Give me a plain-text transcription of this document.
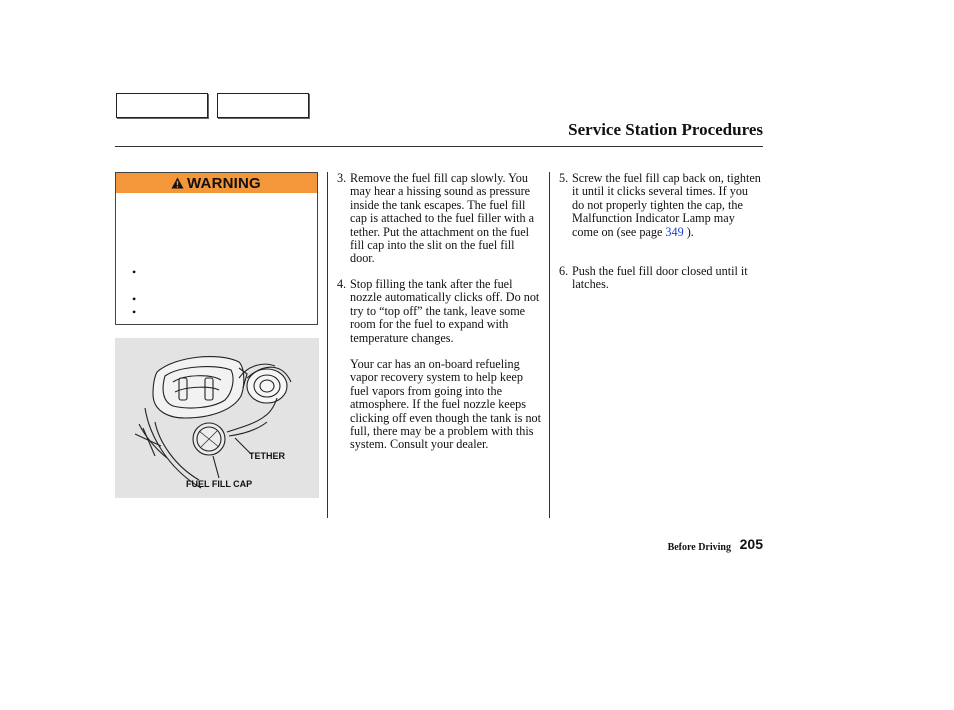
Service Station Procedures
WARNING
•
•
•
TETHER
FUEL FILL CAP
3. Remove the fuel fill cap slowly. You may hear a hissing sound as pressure inside the tank escapes. The fuel fill cap is attached to the fuel filler with a tether. Put the attachment on the fuel fill cap into the slit on the fuel fill door.
4. Stop filling the tank after the fuel nozzle automatically clicks off. Do not try to “top off” the tank, leave some room for the fuel to expand with temperature changes.
Your car has an on-board refueling vapor recovery system to help keep fuel vapors from going into the atmosphere. If the fuel nozzle keeps clicking off even though the tank is not full, there may be a problem with this system. Consult your dealer.
5. Screw the fuel fill cap back on, tighten it until it clicks several times. If you do not properly tighten the cap, the Malfunction Indicator Lamp may come on (see page 349 ).
6. Push the fuel fill door closed until it latches.
Before Driving 205
